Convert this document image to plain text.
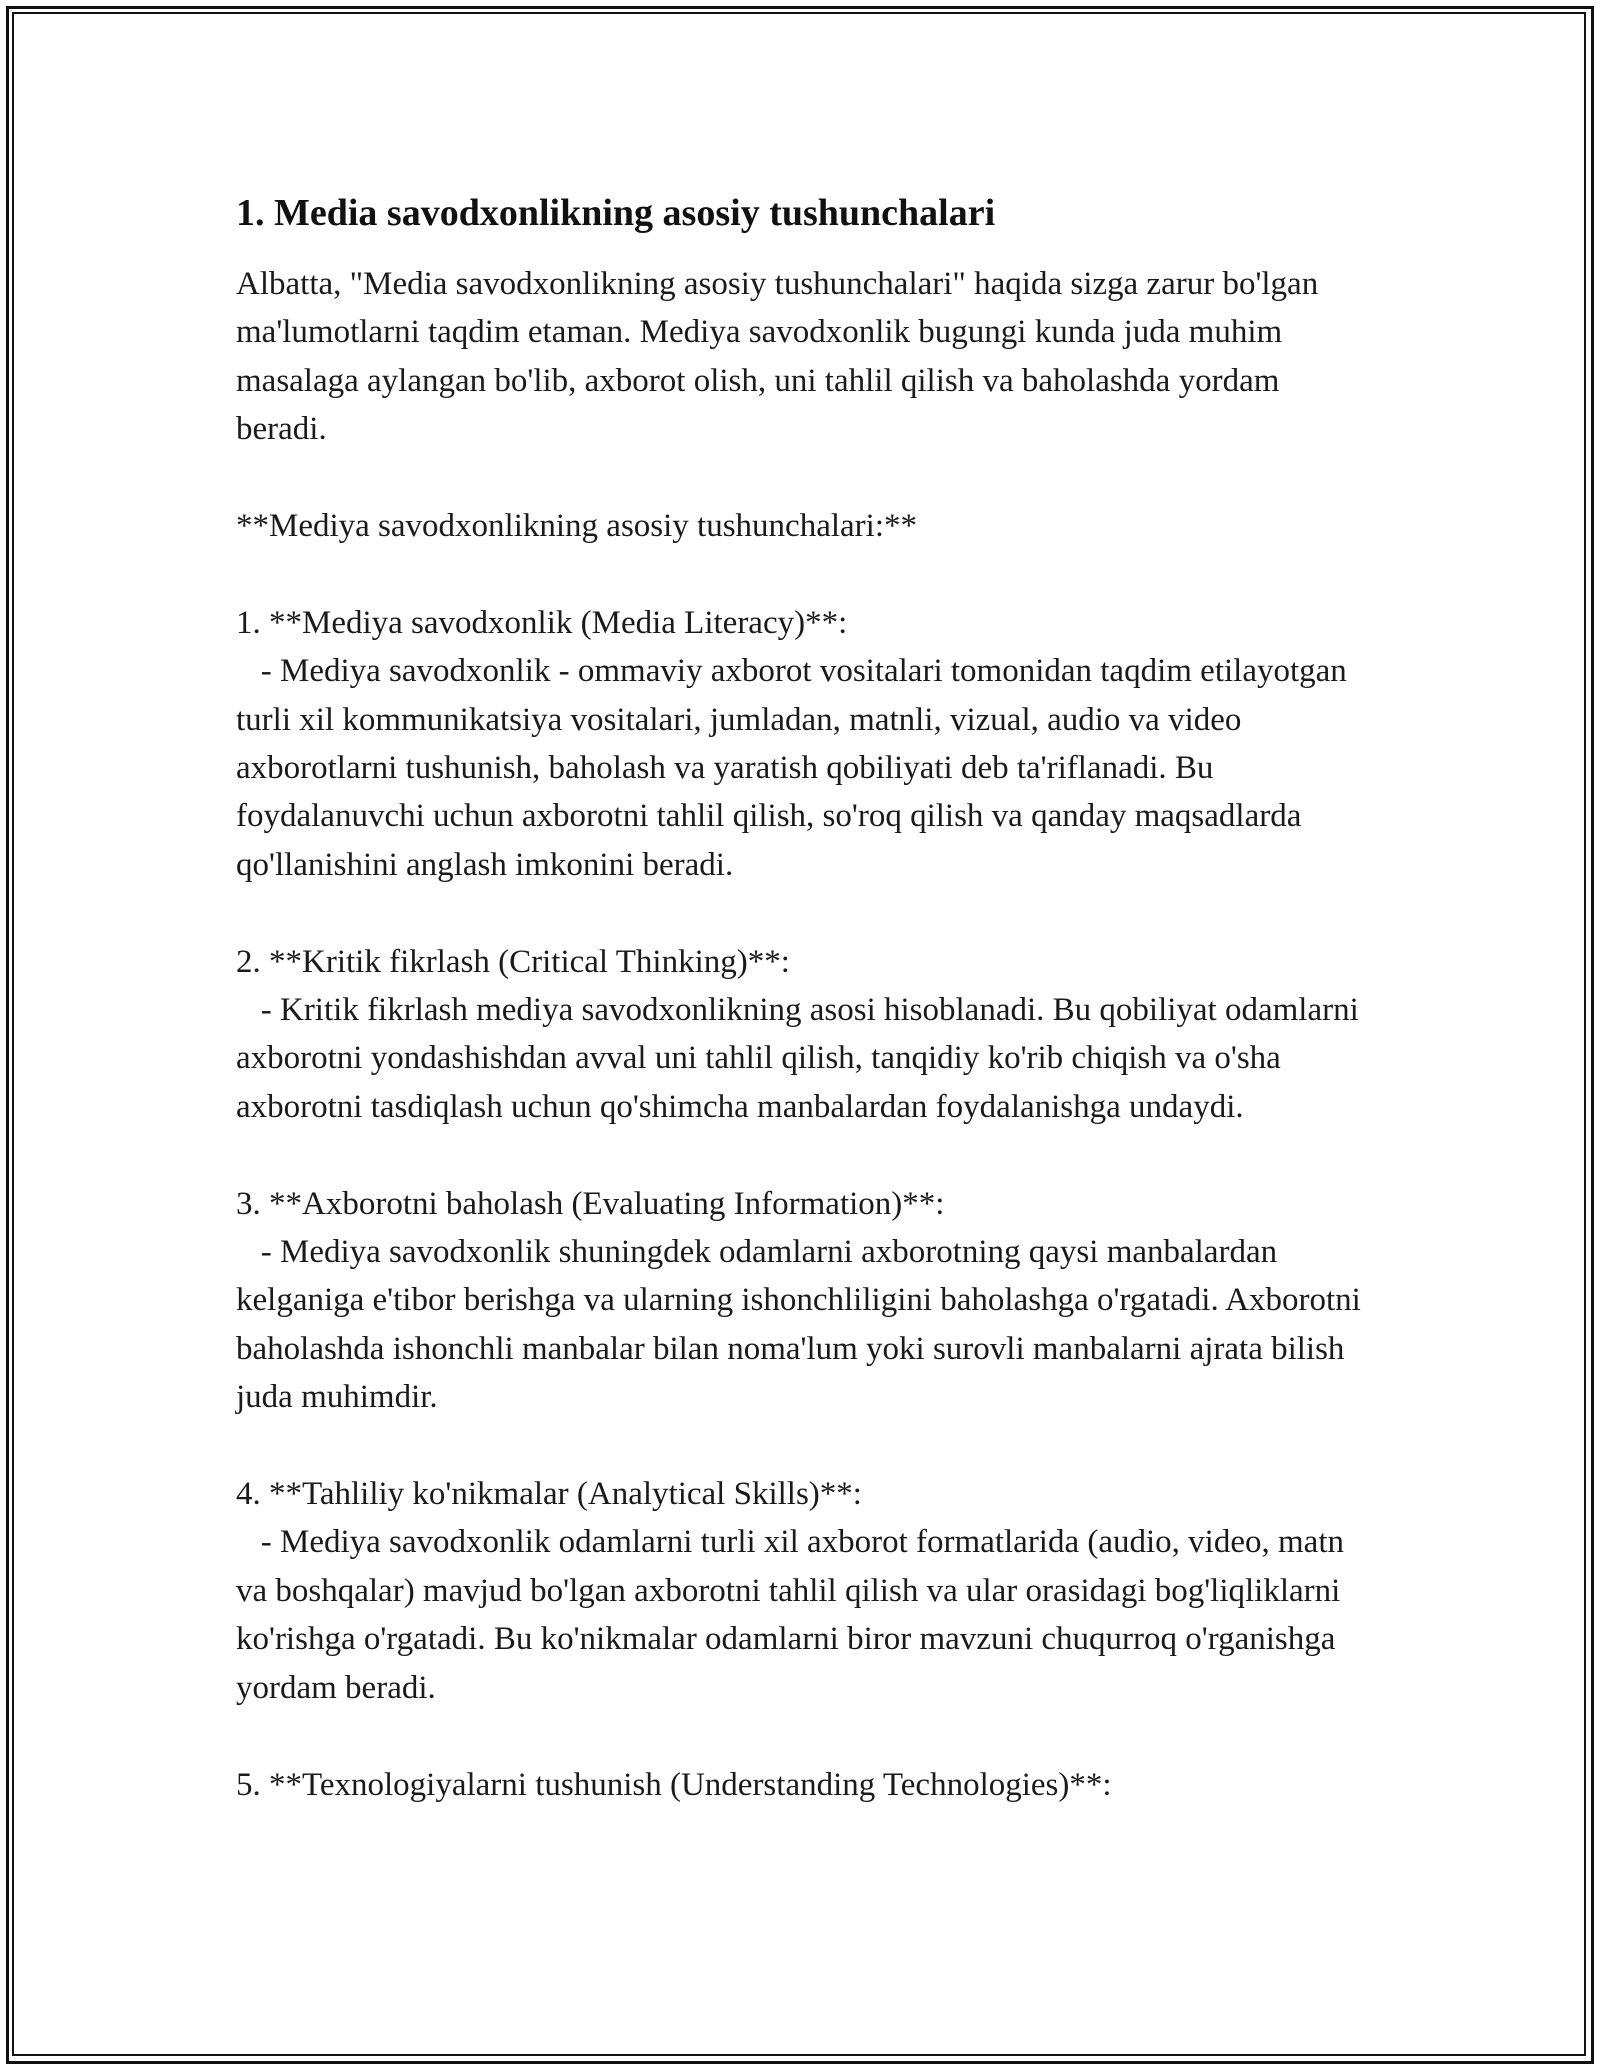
1. Media savodxonlikning asosiy tushunchalari

Albatta, "Media savodxonlikning asosiy tushunchalari" haqida sizga zarur bo'lgan ma'lumotlarni taqdim etaman. Mediya savodxonlik bugungi kunda juda muhim masalaga aylangan bo'lib, axborot olish, uni tahlil qilish va baholashda yordam beradi.

**Mediya savodxonlikning asosiy tushunchalari:**

1. **Mediya savodxonlik (Media Literacy)**:

- Mediya savodxonlik - ommaviy axborot vositalari tomonidan taqdim etilayotgan turli xil kommunikatsiya vositalari, jumladan, matnli, vizual, audio va video axborotlarni tushunish, baholash va yaratish qobiliyati deb ta'riflanadi. Bu foydalanuvchi uchun axborotni tahlil qilish, so'roq qilish va qanday maqsadlarda qo'llanishini anglash imkonini beradi.

2. **Kritik fikrlash (Critical Thinking)**:

- Kritik fikrlash mediya savodxonlikning asosi hisoblanadi. Bu qobiliyat odamlarni axborotni yondashishdan avval uni tahlil qilish, tanqidiy ko'rib chiqish va o'sha axborotni tasdiqlash uchun qo'shimcha manbalardan foydalanishga undaydi.

3. **Axborotni baholash (Evaluating Information)**:

- Mediya savodxonlik shuningdek odamlarni axborotning qaysi manbalardan kelganiga e'tibor berishga va ularning ishonchliligini baholashga o'rgatadi. Axborotni baholashda ishonchli manbalar bilan noma'lum yoki surovli manbalarni ajrata bilish juda muhimdir.

4. **Tahliliy ko'nikmalar (Analytical Skills)**:

- Mediya savodxonlik odamlarni turli xil axborot formatlarida (audio, video, matn va boshqalar) mavjud bo'lgan axborotni tahlil qilish va ular orasidagi bog'liqliklarni ko'rishga o'rgatadi. Bu ko'nikmalar odamlarni biror mavzuni chuqurroq o'rganishga yordam beradi.

5. **Texnologiyalarni tushunish (Understanding Technologies)**:
